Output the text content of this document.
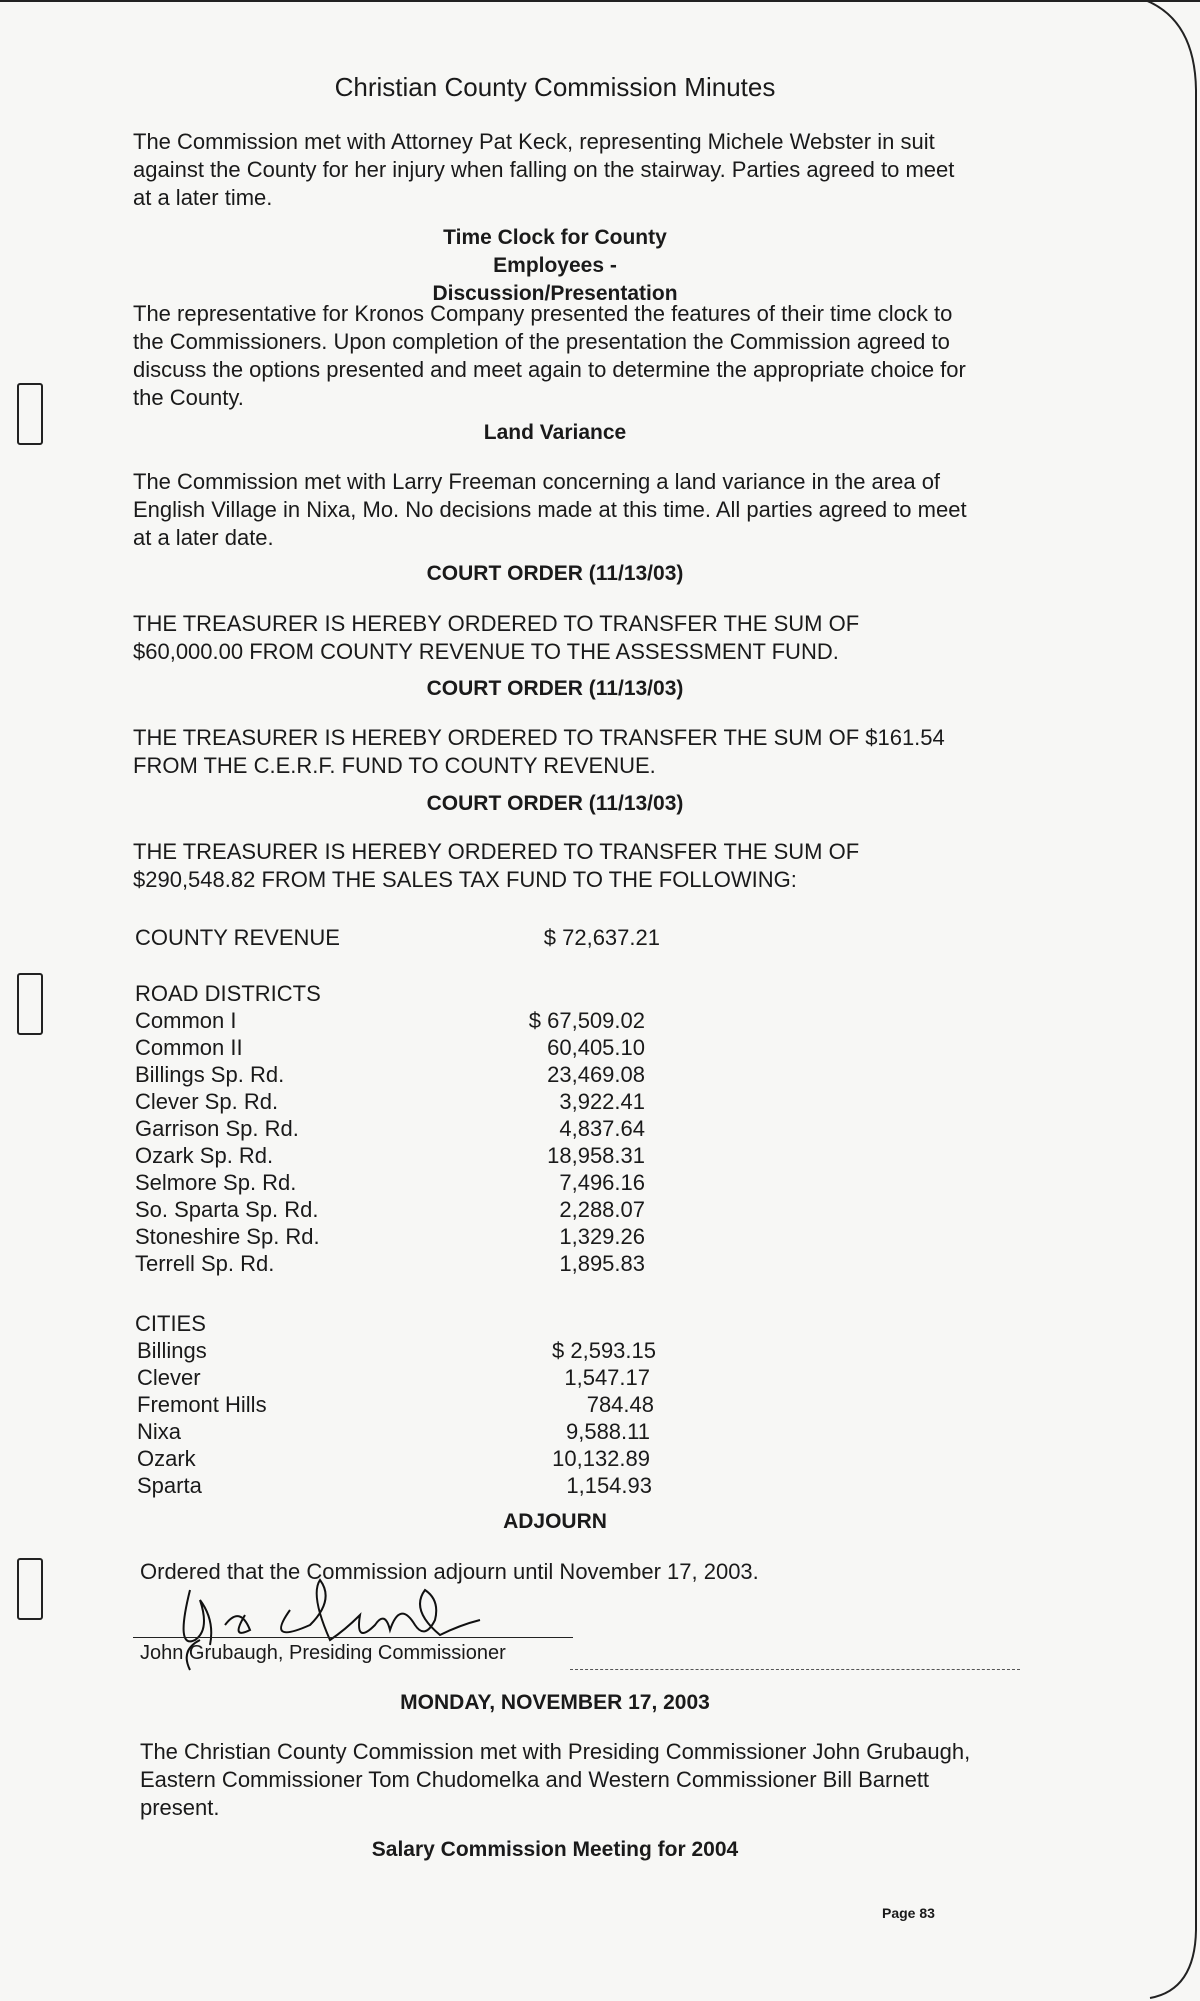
Christian County Commission Minutes
The Commission met with Attorney Pat Keck, representing Michele Webster in suit against the County for her injury when falling on the stairway. Parties agreed to meet at a later time.
Time Clock for County Employees - Discussion/Presentation
The representative for Kronos Company presented the features of their time clock to the Commissioners. Upon completion of the presentation the Commission agreed to discuss the options presented and meet again to determine the appropriate choice for the County.
Land Variance
The Commission met with Larry Freeman concerning a land variance in the area of English Village in Nixa, Mo. No decisions made at this time. All parties agreed to meet at a later date.
COURT ORDER (11/13/03)
THE TREASURER IS HEREBY ORDERED TO TRANSFER THE SUM OF $60,000.00 FROM COUNTY REVENUE TO THE ASSESSMENT FUND.
COURT ORDER (11/13/03)
THE TREASURER IS HEREBY ORDERED TO TRANSFER THE SUM OF $161.54 FROM THE C.E.R.F. FUND TO COUNTY REVENUE.
COURT ORDER (11/13/03)
THE TREASURER IS HEREBY ORDERED TO TRANSFER THE SUM OF $290,548.82 FROM THE SALES TAX FUND TO THE FOLLOWING:
COUNTY REVENUE	$ 72,637.21
ROAD DISTRICTS
Common I	$ 67,509.02
Common II	60,405.10
Billings Sp. Rd.	23,469.08
Clever Sp. Rd.	3,922.41
Garrison Sp. Rd.	4,837.64
Ozark Sp. Rd.	18,958.31
Selmore Sp. Rd.	7,496.16
So. Sparta Sp. Rd.	2,288.07
Stoneshire Sp. Rd.	1,329.26
Terrell Sp. Rd.	1,895.83
CITIES
Billings	$ 2,593.15
Clever	1,547.17
Fremont Hills	784.48
Nixa	9,588.11
Ozark	10,132.89
Sparta	1,154.93
ADJOURN
Ordered that the Commission adjourn until November 17, 2003.
John Grubaugh, Presiding Commissioner
MONDAY, NOVEMBER 17, 2003
The Christian County Commission met with Presiding Commissioner John Grubaugh, Eastern Commissioner Tom Chudomelka and Western Commissioner Bill Barnett present.
Salary Commission Meeting for 2004
Page 83
